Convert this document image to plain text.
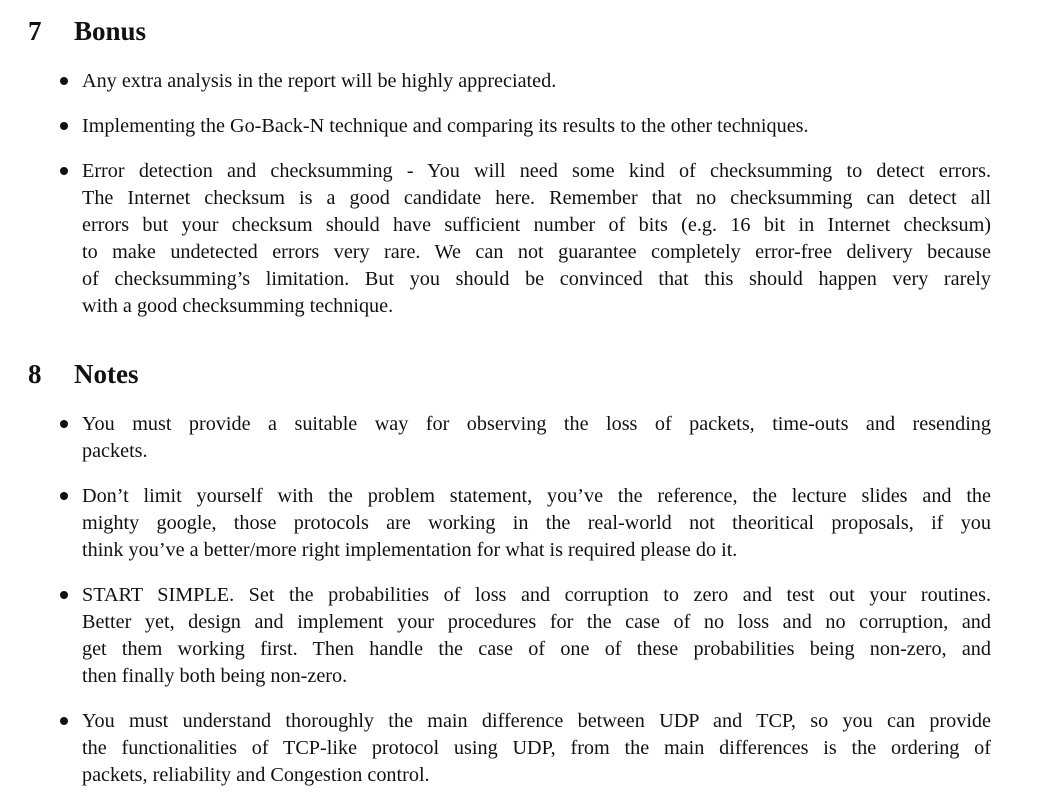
7 Bonus
Any extra analysis in the report will be highly appreciated.
Implementing the Go-Back-N technique and comparing its results to the other techniques.
Error detection and checksumming - You will need some kind of checksumming to detect errors.
The Internet checksum is a good candidate here. Remember that no checksumming can detect all
errors but your checksum should have sufficient number of bits (e.g. 16 bit in Internet checksum)
to make undetected errors very rare. We can not guarantee completely error-free delivery because
of checksumming’s limitation. But you should be convinced that this should happen very rarely
with a good checksumming technique.
8 Notes
You must provide a suitable way for observing the loss of packets, time-outs and resending
packets.
Don’t limit yourself with the problem statement, you’ve the reference, the lecture slides and the
mighty google, those protocols are working in the real-world not theoritical proposals, if you
think you’ve a better/more right implementation for what is required please do it.
START SIMPLE. Set the probabilities of loss and corruption to zero and test out your routines.
Better yet, design and implement your procedures for the case of no loss and no corruption, and
get them working first. Then handle the case of one of these probabilities being non-zero, and
then finally both being non-zero.
You must understand thoroughly the main difference between UDP and TCP, so you can provide
the functionalities of TCP-like protocol using UDP, from the main differences is the ordering of
packets, reliability and Congestion control.
